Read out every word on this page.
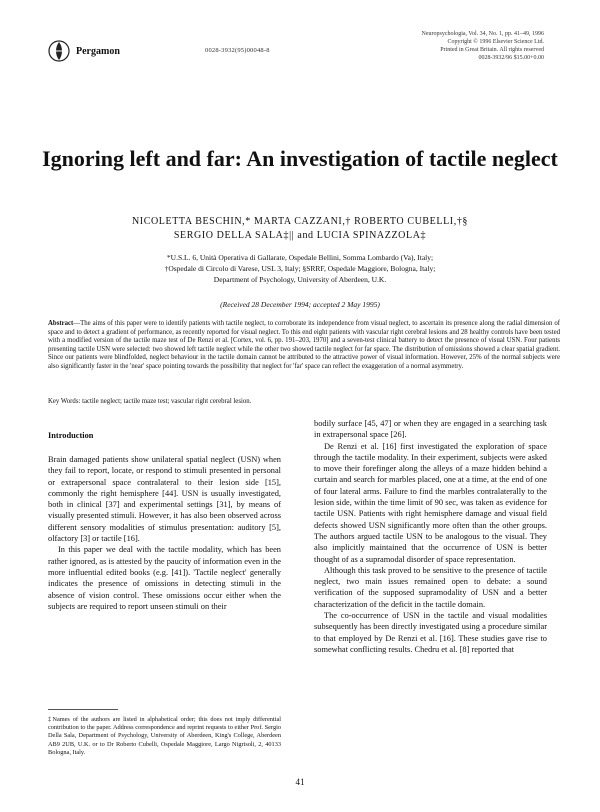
Pergamon	0028-3932(95)00048-8
Neuropsychologia, Vol. 34, No. 1, pp. 41–49, 1996
Copyright © 1996 Elsevier Science Ltd.
Printed in Great Britain. All rights reserved
0028-3932/96 $15.00+0.00
Ignoring left and far: An investigation of tactile neglect
NICOLETTA BESCHIN,* MARTA CAZZANI,† ROBERTO CUBELLI,†§
SERGIO DELLA SALA‡|| and LUCIA SPINAZZOLA‡
*U.S.L. 6, Unità Operativa di Gallarate, Ospedale Bellini, Somma Lombardo (Va), Italy;
†Ospedale di Circolo di Varese, USL 3, Italy; §SRRF, Ospedale Maggiore, Bologna, Italy;
Department of Psychology, University of Aberdeen, U.K.
(Received 28 December 1994; accepted 2 May 1995)
Abstract—The aims of this paper were to identify patients with tactile neglect, to corroborate its independence from visual neglect, to ascertain its presence along the radial dimension of space and to detect a gradient of performance, as recently reported for visual neglect. To this end eight patients with vascular right cerebral lesions and 28 healthy controls have been tested with a modified version of the tactile maze test of De Renzi et al. [Cortex, vol. 6, pp. 191–203, 1970] and a seven-test clinical battery to detect the presence of visual USN. Four patients presenting tactile USN were selected: two showed left tactile neglect while the other two showed tactile neglect for far space. The distribution of omissions showed a clear spatial gradient. Since our patients were blindfolded, neglect behaviour in the tactile domain cannot be attributed to the attractive power of visual information. However, 25% of the normal subjects were also significantly faster in the 'near' space pointing towards the possibility that neglect for 'far' space can reflect the exaggeration of a normal asymmetry.
Key Words: tactile neglect; tactile maze test; vascular right cerebral lesion.
Introduction

Brain damaged patients show unilateral spatial neglect (USN) when they fail to report, locate, or respond to stimuli presented in personal or extrapersonal space contralateral to their lesion side [15], commonly the right hemisphere [44]. USN is usually investigated, both in clinical [37] and experimental settings [31], by means of visually presented stimuli. However, it has also been observed across different sensory modalities of stimulus presentation: auditory [5], olfactory [3] or tactile [16].

In this paper we deal with the tactile modality, which has been rather ignored, as is attested by the paucity of information even in the more influential edited books (e.g. [41]). 'Tactile neglect' generally indicates the presence of omissions in detecting stimuli in the absence of vision control. These omissions occur either when the subjects are required to report unseen stimuli on their

‡Names of the authors are listed in alphabetical order; this does not imply differential contribution to the paper. Address correspondence and reprint requests to either Prof. Sergio Della Sala, Department of Psychology, University of Aberdeen, King's College, Aberdeen AB9 2UB, U.K. or to Dr Roberto Cubelli, Ospedale Maggiore, Largo Nigrisoli, 2, 40133 Bologna, Italy.

bodily surface [45, 47] or when they are engaged in a searching task in extrapersonal space [26].

De Renzi et al. [16] first investigated the exploration of space through the tactile modality. In their experiment, subjects were asked to move their forefinger along the alleys of a maze hidden behind a curtain and search for marbles placed, one at a time, at the end of one of four lateral arms. Failure to find the marbles contralaterally to the lesion side, within the time limit of 90 sec, was taken as evidence for tactile USN. Patients with right hemisphere damage and visual field defects showed USN significantly more often than the other groups. The authors argued tactile USN to be analogous to the visual. They also implicitly maintained that the occurrence of USN is better thought of as a supramodal disorder of space representation.

Although this task proved to be sensitive to the presence of tactile neglect, two main issues remained open to debate: a sound verification of the supposed supramodality of USN and a better characterization of the deficit in the tactile domain.

The co-occurrence of USN in the tactile and visual modalities subsequently has been directly investigated using a procedure similar to that employed by De Renzi et al. [16]. These studies gave rise to somewhat conflicting results. Chedru et al. [8] reported that

41
